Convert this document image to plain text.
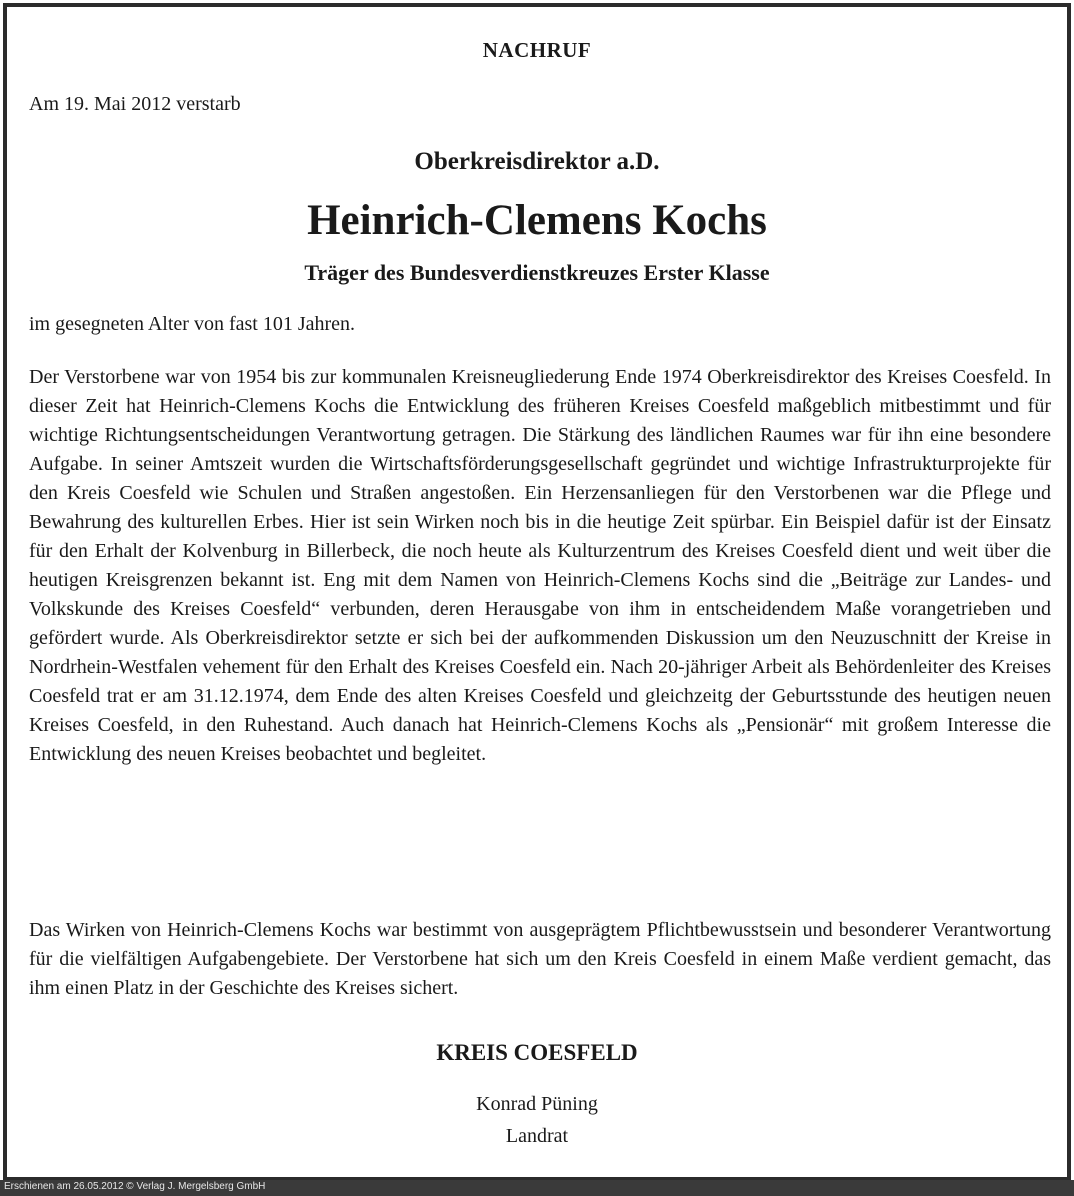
NACHRUF
Am 19. Mai 2012 verstarb
Oberkreisdirektor a.D.
Heinrich-Clemens Kochs
Träger des Bundesverdienstkreuzes Erster Klasse
im gesegneten Alter von fast 101 Jahren.
Der Verstorbene war von 1954 bis zur kommunalen Kreisneugliederung Ende 1974 Oberkreisdirektor des Kreises Coesfeld. In dieser Zeit hat Heinrich-Clemens Kochs die Entwicklung des früheren Kreises Coesfeld maßgeblich mitbestimmt und für wichtige Richtungsentscheidungen Verantwortung getragen. Die Stärkung des ländlichen Raumes war für ihn eine besondere Aufgabe. In seiner Amtszeit wurden die Wirtschaftsförderungsgesellschaft gegründet und wichtige Infrastrukturprojekte für den Kreis Coesfeld wie Schulen und Straßen angestoßen. Ein Herzensanliegen für den Verstorbenen war die Pflege und Bewahrung des kulturellen Erbes. Hier ist sein Wirken noch bis in die heutige Zeit spürbar. Ein Beispiel dafür ist der Einsatz für den Erhalt der Kolvenburg in Billerbeck, die noch heute als Kulturzentrum des Kreises Coesfeld dient und weit über die heutigen Kreisgrenzen bekannt ist. Eng mit dem Namen von Heinrich-Clemens Kochs sind die „Beiträge zur Landes- und Volkskunde des Kreises Coesfeld“ verbunden, deren Herausgabe von ihm in entscheidendem Maße vorangetrieben und gefördert wurde. Als Oberkreisdirektor setzte er sich bei der aufkommenden Diskussion um den Neuzuschnitt der Kreise in Nordrhein-Westfalen vehement für den Erhalt des Kreises Coesfeld ein. Nach 20-jähriger Arbeit als Behördenleiter des Kreises Coesfeld trat er am 31.12.1974, dem Ende des alten Kreises Coesfeld und gleichzeitg der Geburtsstunde des heutigen neuen Kreises Coesfeld, in den Ruhestand. Auch danach hat Heinrich-Clemens Kochs als „Pensionär“ mit großem Interesse die Entwicklung des neuen Kreises beobachtet und begleitet.
Das Wirken von Heinrich-Clemens Kochs war bestimmt von ausgeprägtem Pflichtbewusstsein und besonderer Verantwortung für die vielfältigen Aufgabengebiete. Der Verstorbene hat sich um den Kreis Coesfeld in einem Maße verdient gemacht, das ihm einen Platz in der Geschichte des Kreises sichert.
KREIS COESFELD
Konrad Püning
Landrat
Erschienen am 26.05.2012 © Verlag J. Mergelsberg GmbH
